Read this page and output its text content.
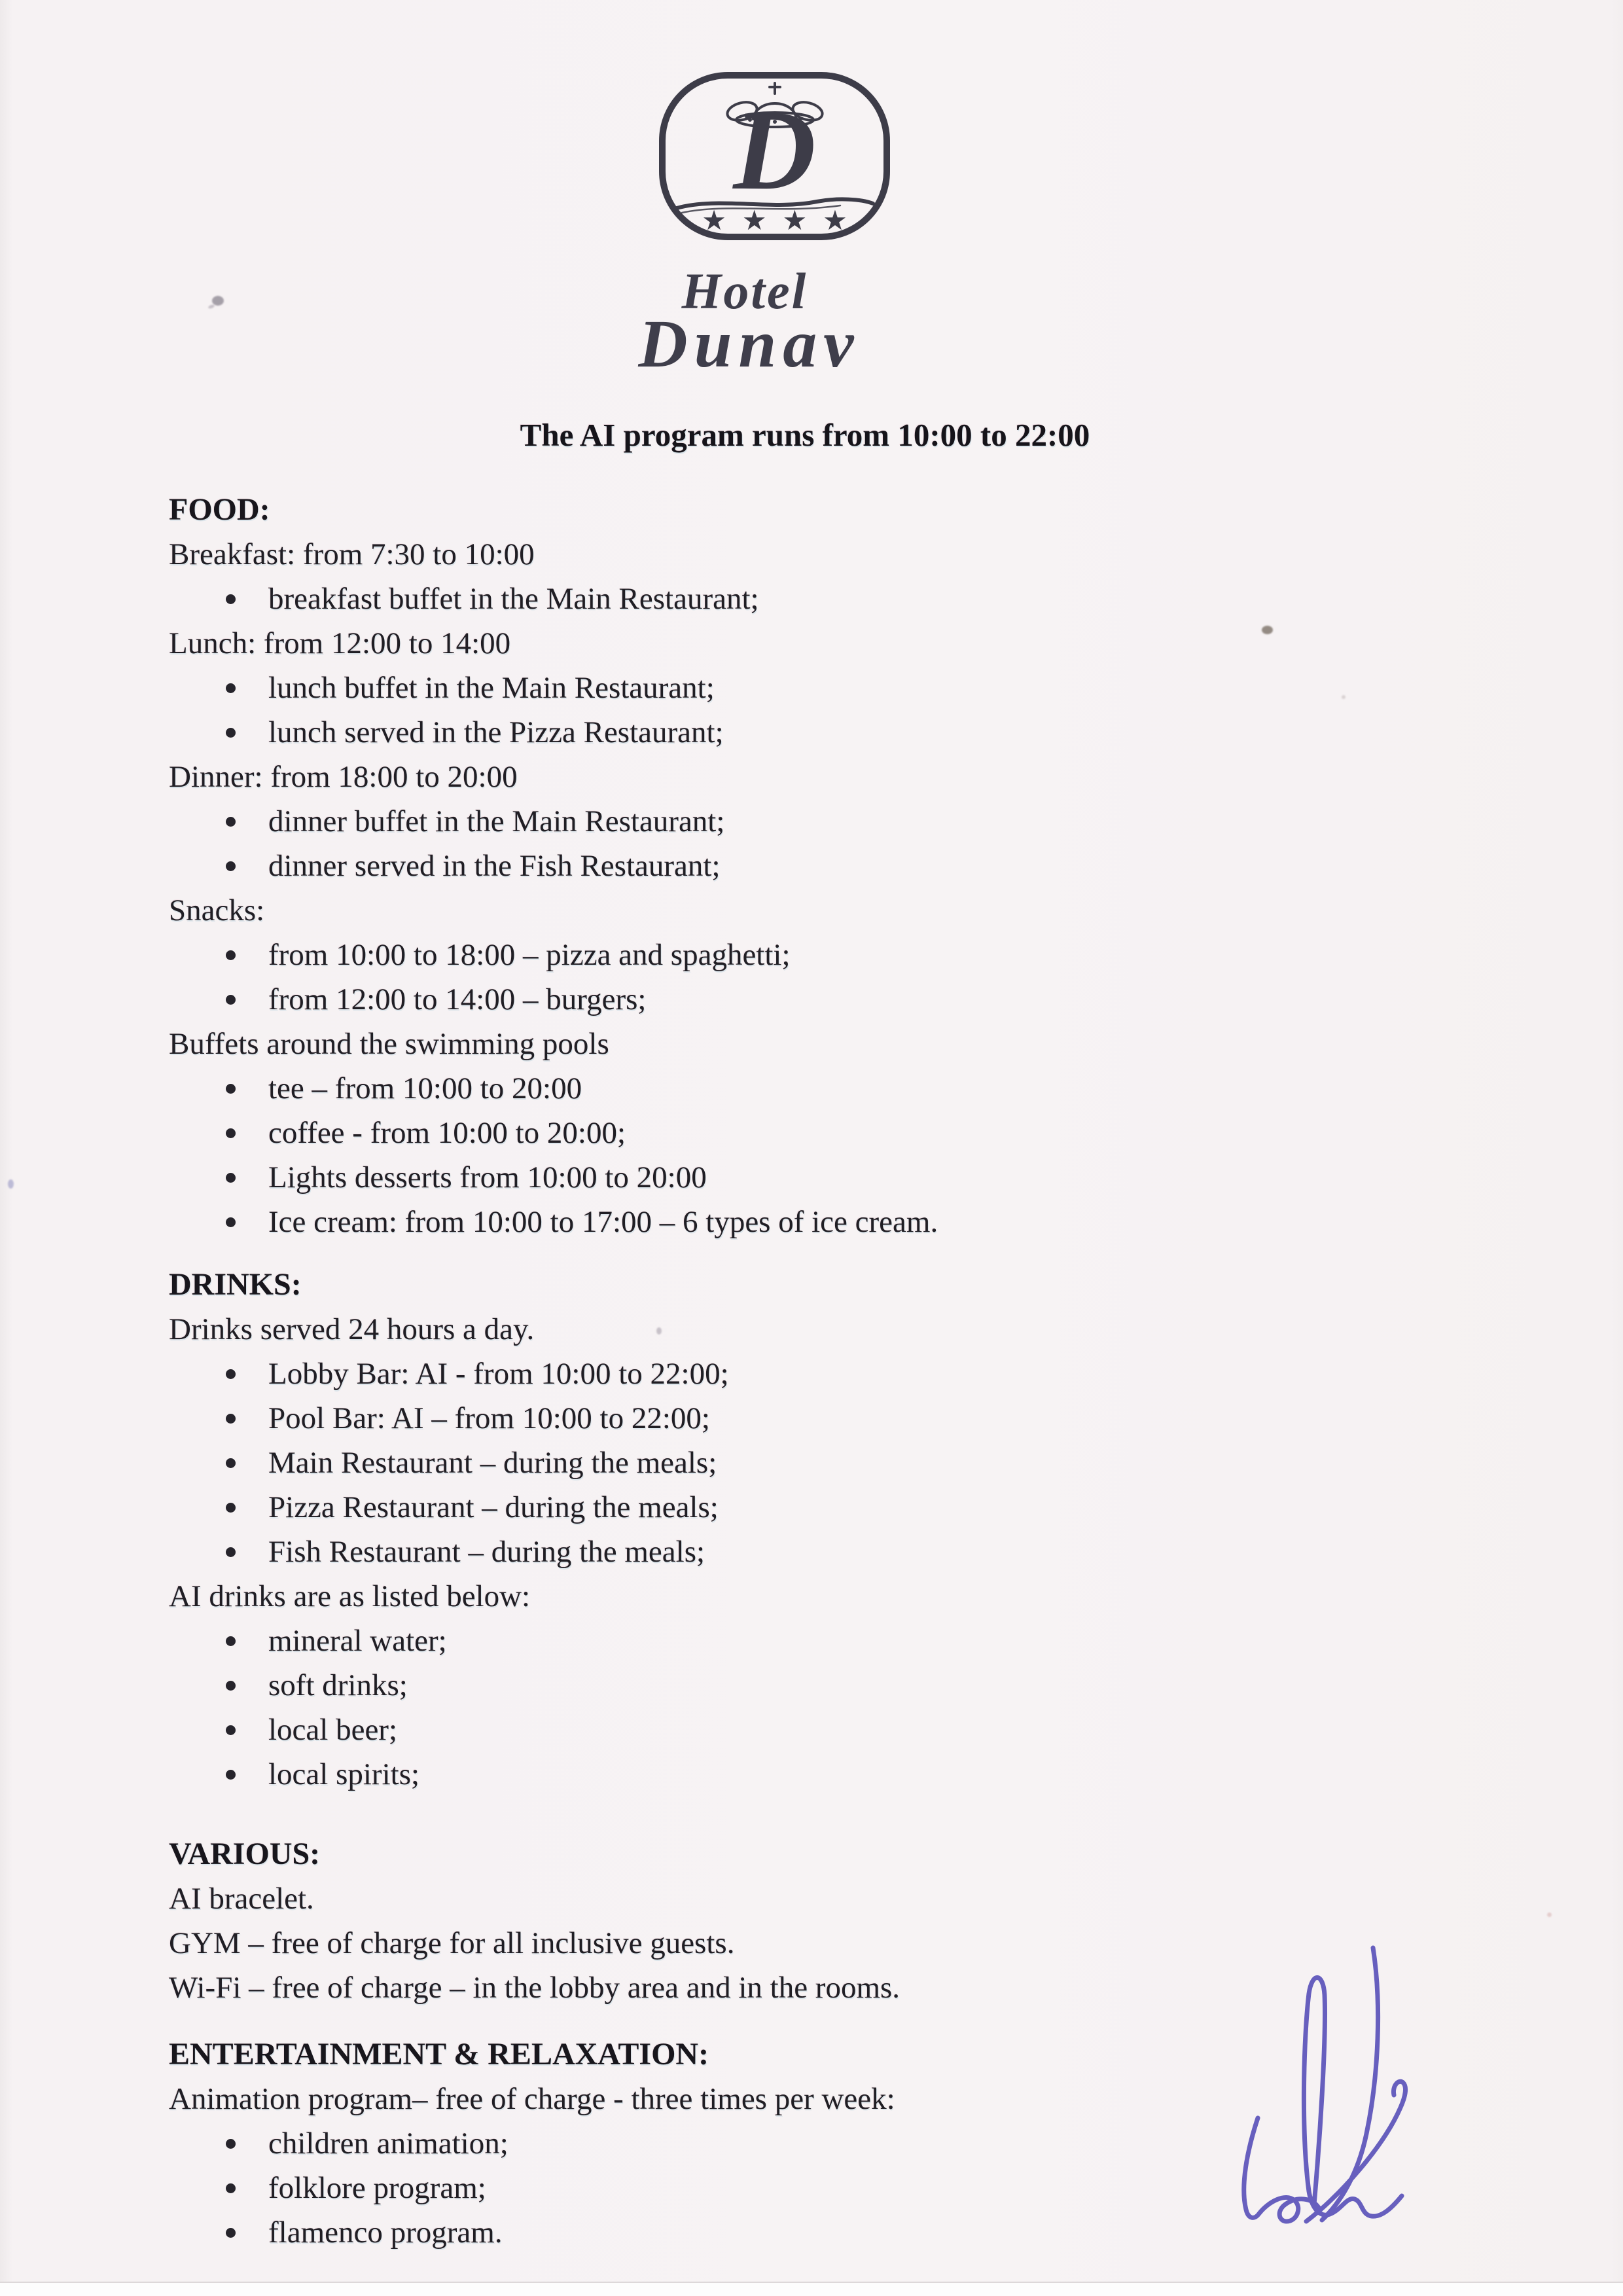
D
★★★★
Hotel
Dunav
The AI program runs from 10:00 to 22:00
FOOD:
Breakfast: from 7:30 to 10:00
breakfast buffet in the Main Restaurant;
Lunch: from 12:00 to 14:00
lunch buffet in the Main Restaurant;
lunch served in the Pizza Restaurant;
Dinner: from 18:00 to 20:00
dinner buffet in the Main Restaurant;
dinner served in the Fish Restaurant;
Snacks:
from 10:00 to 18:00 – pizza and spaghetti;
from 12:00 to 14:00 – burgers;
Buffets around the swimming pools
tee – from 10:00 to 20:00
coffee - from 10:00 to 20:00;
Lights desserts from 10:00 to 20:00
Ice cream: from 10:00 to 17:00 – 6 types of ice cream.
DRINKS:
Drinks served 24 hours a day.
Lobby Bar: AI - from 10:00 to 22:00;
Pool Bar: AI – from 10:00 to 22:00;
Main Restaurant – during the meals;
Pizza Restaurant – during the meals;
Fish Restaurant – during the meals;
AI drinks are as listed below:
mineral water;
soft drinks;
local beer;
local spirits;
VARIOUS:
AI bracelet.
GYM – free of charge for all inclusive guests.
Wi-Fi – free of charge – in the lobby area and in the rooms.
ENTERTAINMENT & RELAXATION:
Animation program– free of charge - three times per week:
children animation;
folklore program;
flamenco program.
